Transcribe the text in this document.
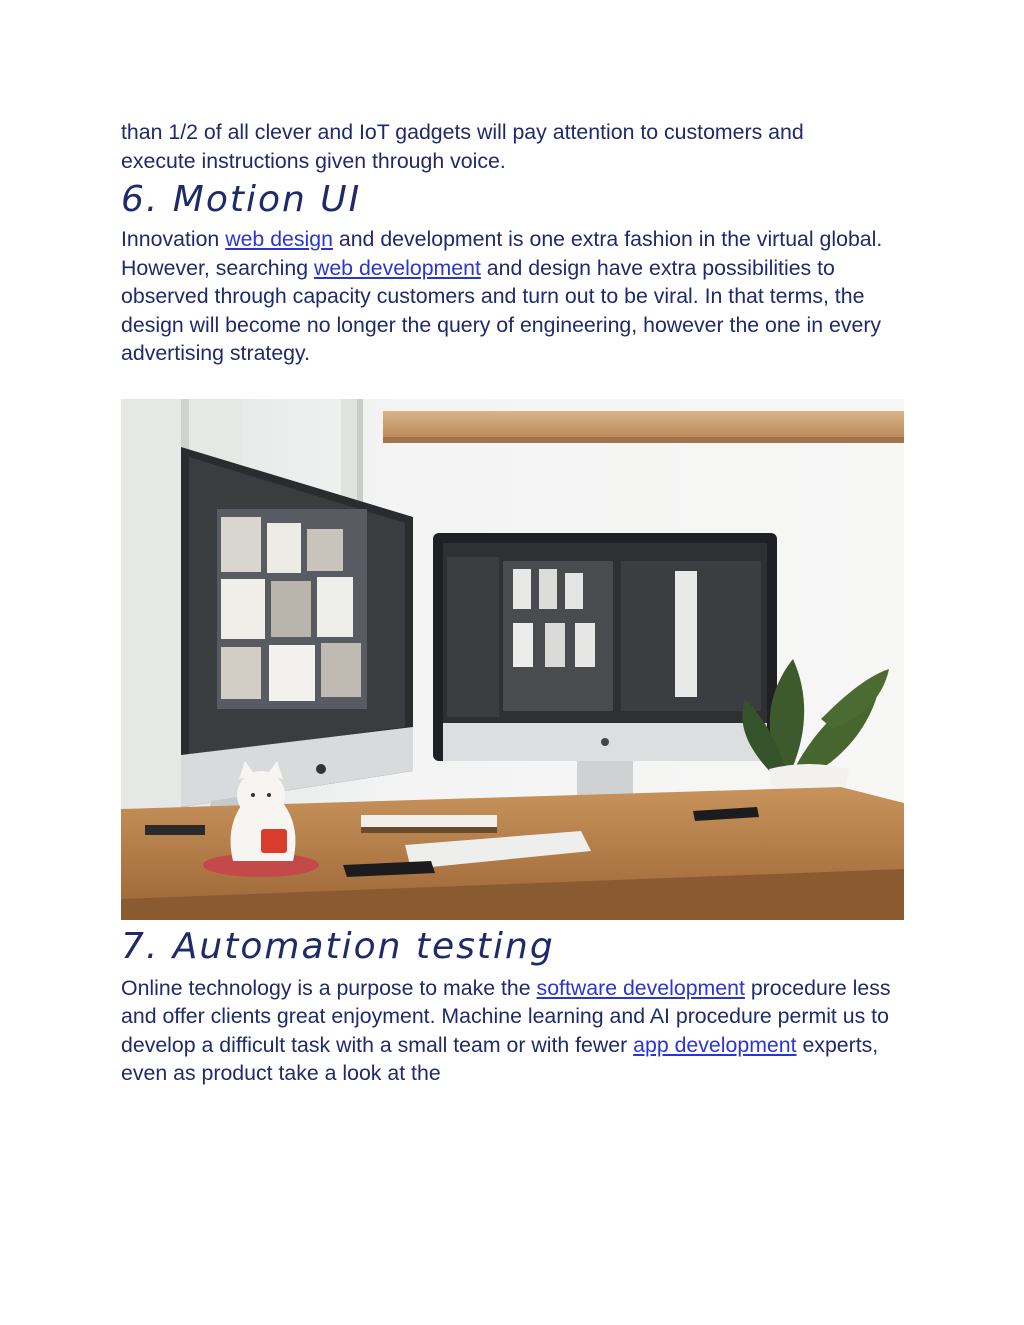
than 1/2 of all clever and IoT gadgets will pay attention to customers and
execute instructions given through voice.

6. Motion UI

Innovation web design and development is one extra fashion in the virtual global. However, searching web development and design have extra possibilities to observed through capacity customers and turn out to be viral. In that terms, the design will become no longer the query of engineering, however the one in every advertising strategy.

7. Automation testing

Online technology is a purpose to make the software development procedure less and offer clients great enjoyment. Machine learning and AI procedure permit us to develop a difficult task with a small team or with fewer app development experts, even as product take a look at the
